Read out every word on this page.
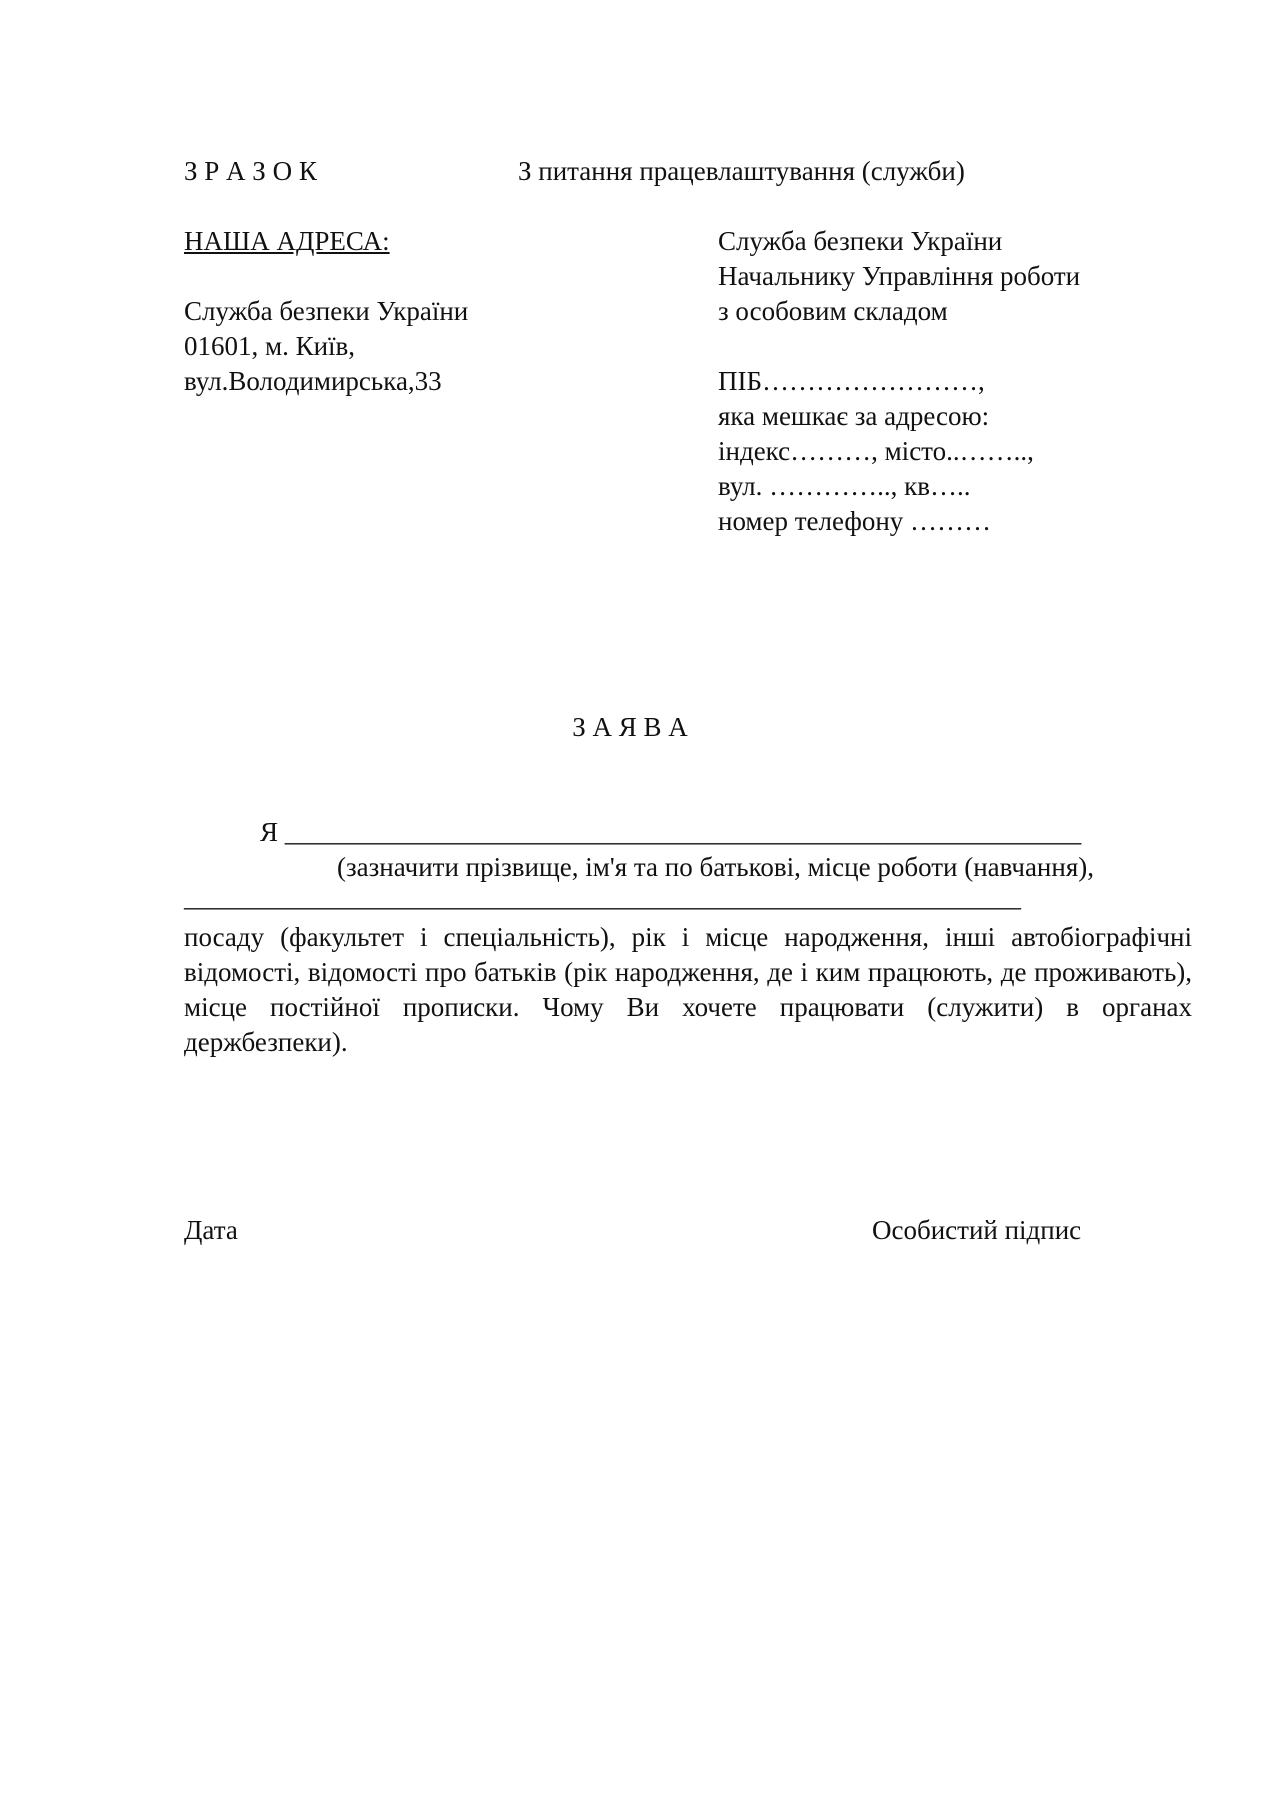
З Р А З О К	З питання працевлаштування (служби)
НАША АДРЕСА:
Служба безпеки України
01601, м. Київ,
вул.Володимирська,33
Служба безпеки України
Начальнику Управління роботи
з особовим складом
ПІБ……………………,
яка мешкає за адресою:
індекс………, місто..……..,
вул. ………….., кв…..
номер телефону ………
З А Я В А
Я ___________________________________________________________
(зазначити прізвище, ім'я та по батькові, місце роботи (навчання),
______________________________________________________________
посаду (факультет і спеціальність), рік і місце народження, інші автобіографічні відомості, відомості про батьків (рік народження, де і ким працюють, де проживають), місце постійної прописки. Чому Ви хочете працювати (служити) в органах держбезпеки).
Дата	Особистий підпис
